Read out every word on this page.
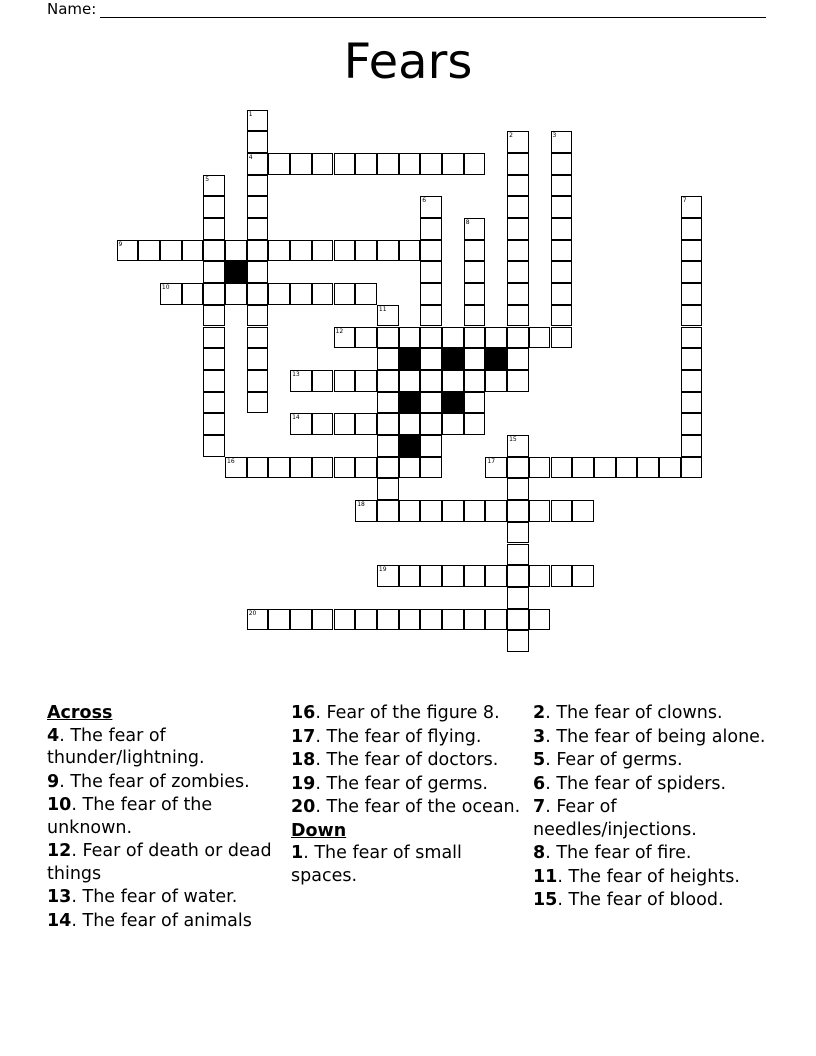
Name:
Fears
1
4
2	3
5
6	7
8
9
10
11
12
13
14
15
16	17
18
19
20
Across
4. The fear of thunder/lightning.
9. The fear of zombies.
10. The fear of the unknown.
12. Fear of death or dead things
13. The fear of water.
14. The fear of animals
16. Fear of the figure 8.
17. The fear of flying.
18. The fear of doctors.
19. The fear of germs.
20. The fear of the ocean.
Down
1. The fear of small spaces.
2. The fear of clowns.
3. The fear of being alone.
5. Fear of germs.
6. The fear of spiders.
7. Fear of needles/injections.
8. The fear of fire.
11. The fear of heights.
15. The fear of blood.
